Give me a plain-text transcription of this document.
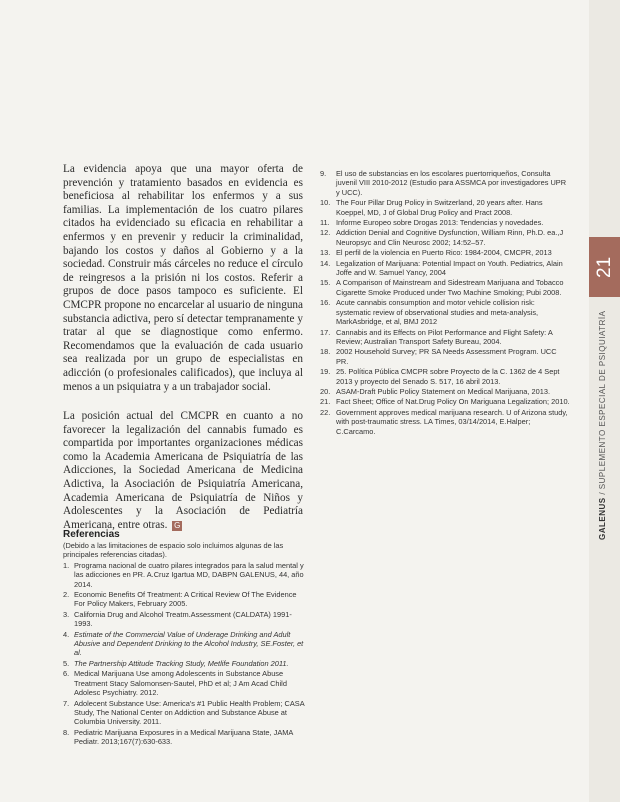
GALENUS / SUPLEMENTO ESPECIAL DE PSIQUIATRÍA
21

La evidencia apoya que una mayor oferta de prevención y tratamiento basados en evidencia es beneficiosa al rehabilitar los enfermos y a sus familias. La implementación de los cuatro pilares citados ha evidenciado su eficacia en rehabilitar a enfermos y en prevenir y reducir la criminalidad, bajando los costos y daños al Gobierno y a la sociedad. Construir más cárceles no reduce el círculo de reingresos a la prisión ni los costos. Referir a grupos de doce pasos tampoco es suficiente. El CMCPR propone no encarcelar al usuario de ninguna substancia adictiva, pero sí detectar tempranamente y tratar al que se diagnostique como enfermo. Recomendamos que la evaluación de cada usuario sea realizada por un grupo de especialistas en adicción (o profesionales calificados), que incluya al menos a un psiquiatra y a un trabajador social.

La posición actual del CMCPR en cuanto a no favorecer la legalización del cannabis fumado es compartida por importantes organizaciones médicas como la Academia Americana de Psiquiatría de las Adicciones, la Sociedad Americana de Medicina Adictiva, la Asociación de Psiquiatría Americana, Academia Americana de Psiquiatría de Niños y Adolescentes y la Asociación de Pediatría Americana, entre otras. G

Referencias
(Debido a las limitaciones de espacio solo incluimos algunas de las principales referencias citadas).
1. Programa nacional de cuatro pilares integrados para la salud mental y las adicciones en PR. A.Cruz Igartua MD, DABPN GALENUS, 44, año 2014.
2. Economic Benefits Of Treatment: A Critical Review Of The Evidence For Policy Makers, February 2005.
3. California Drug and Alcohol Treatm.Assessment (CALDATA) 1991- 1993.
4. Estimate of the Commercial Value of Underage Drinking and Adult Abusive and Dependent Drinking to the Alcohol Industry, SE.Foster, et al.
5. The Partnership Attitude Tracking Study, Metlife Foundation 2011.
6. Medical Marijuana Use among Adolescents in Substance Abuse Treatment Stacy Salomonsen-Sautel, PhD et al; J Am Acad Child Adolesc Psychiatry. 2012.
7. Adolecent Substance Use: America's #1 Public Health Problem; CASA Study, The National Center on Addiction and Substance Abuse at Columbia University. 2011.
8. Pediatric Marijuana Exposures in a Medical Marijuana State, JAMA Pediatr. 2013;167(7):630-633.
9. El uso de substancias en los escolares puertorriqueños, Consulta juvenil VIII 2010-2012 (Estudio para ASSMCA por investigadores UPR y UCC).
10. The Four Pillar Drug Policy in Switzerland, 20 years after. Hans Koeppel, MD, J of Global Drug Policy and Pract 2008.
11. Informe Europeo sobre Drogas 2013: Tendencias y novedades.
12. Addiction Denial and Cognitive Dysfunction, William Rinn, Ph.D. ea.,J Neuropsyc and Clin Neurosc 2002; 14:52–57.
13. El perfil de la violencia en Puerto Rico: 1984-2004, CMCPR, 2013
14. Legalization of Marijuana: Potential Impact on Youth. Pediatrics, Alain Joffe and W. Samuel Yancy, 2004
15. A Comparison of Mainstream and Sidestream Marijuana and Tobacco Cigarette Smoke Produced under Two Machine Smoking; Pubi 2008.
16. Acute cannabis consumption and motor vehicle collision risk: systematic review of observational studies and meta-analysis, MarkAsbridge, et al, BMJ 2012
17. Cannabis and its Effects on Pilot Performance and Flight Safety: A Review; Australian Transport Safety Bureau, 2004.
18. 2002 Household Survey; PR SA Needs Assessment Program. UCC PR.
19. 25. Política Pública CMCPR sobre Proyecto de la C. 1362 de 4 Sept 2013 y proyecto del Senado S. 517, 16 abril 2013.
20. ASAM-Draft Public Policy Statement on Medical Marijuana, 2013.
21. Fact Sheet; Office of Nat.Drug Policy On Mariguana Legalization; 2010.
22. Government approves medical marijuana research. U of Arizona study, with post-traumatic stress. LA Times, 03/14/2014, E.Halper; C.Carcamo.
